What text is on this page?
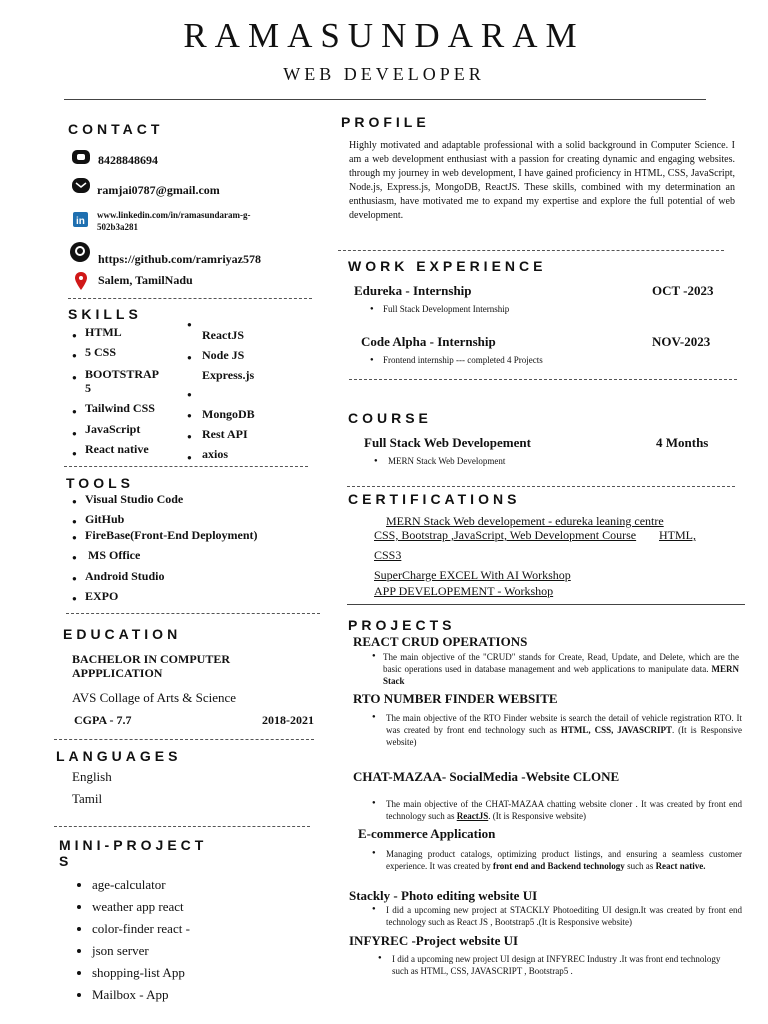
RAMASUNDARAM
WEB DEVELOPER
CONTACT
8428848694
ramjai0787@gmail.com
in
www.linkedin.com/in/ramasundaram-g-
502b3a281
https://github.com/ramriyaz578
Salem, TamilNadu
SKILLS
● HTML
● 5 CSS
● BOOTSTRAP
5
● Tailwind CSS
● JavaScript
● React native
●
ReactJS
● Node JS
Express.js
●
● MongoDB
● Rest API
● axios
TOOLS
● Visual Studio Code
● GitHub
● FireBase(Front-End Deployment)
● MS Office
● Android Studio
● EXPO
EDUCATION
BACHELOR IN COMPUTER
APPPLICATION
AVS Collage of Arts & Science
CGPA - 7.7	2018-2021
LANGUAGES
English
Tamil
MINI-PROJECT
S
• age-calculator
• weather app react
• color-finder react -
• json server
• shopping-list App
• Mailbox - App
PROFILE
Highly motivated and adaptable professional with a solid background in Computer Science. I am a web development enthusiast with a passion for creating dynamic and engaging websites. through my journey in web development, I have gained proficiency in HTML, CSS, JavaScript, Node.js, Express.js, MongoDB, ReactJS. These skills, combined with my determination an enthusiasm, have motivated me to expand my expertise and explore the full potential of web development.
WORK EXPERIENCE
Edureka - Internship	OCT -2023
● Full Stack Development Internship
Code Alpha - Internship	NOV-2023
● Frontend internship --- completed 4 Projects
COURSE
Full Stack Web Developement	4 Months
● MERN Stack Web Development
CERTIFICATIONS
MERN Stack Web developement - edureka leaning centre
CSS, Bootstrap ,JavaScript, Web Development Course HTML,
CSS3
SuperCharge EXCEL With AI Workshop
APP DEVELOPEMENT - Workshop
PROJECTS
REACT CRUD OPERATIONS
● The main objective of the "CRUD" stands for Create, Read, Update, and Delete, which are the basic operations used in database management and web applications to manipulate data. MERN Stack
RTO NUMBER FINDER WEBSITE
● The main objective of the RTO Finder website is search the detail of vehicle registration RTO. It was created by front end technology such as HTML, CSS, JAVASCRIPT. (It is Responsive website)
CHAT-MAZAA- SocialMedia -Website CLONE
● The main objective of the CHAT-MAZAA chatting website cloner . It was created by front end technology such as ReactJS. (It is Responsive website)
E-commerce Application
● Managing product catalogs, optimizing product listings, and ensuring a seamless customer experience. It was created by front end and Backend technology such as React native.
Stackly - Photo editing website UI
● I did a upcoming new project at STACKLY Photoediting UI design.It was created by front end technology such as React JS , Bootstrap5 .(It is Responsive website)
INFYREC -Project website UI
● I did a upcoming new project UI design at INFYREC Industry .It was front end technology such as HTML, CSS, JAVASCRIPT , Bootstrap5 .
